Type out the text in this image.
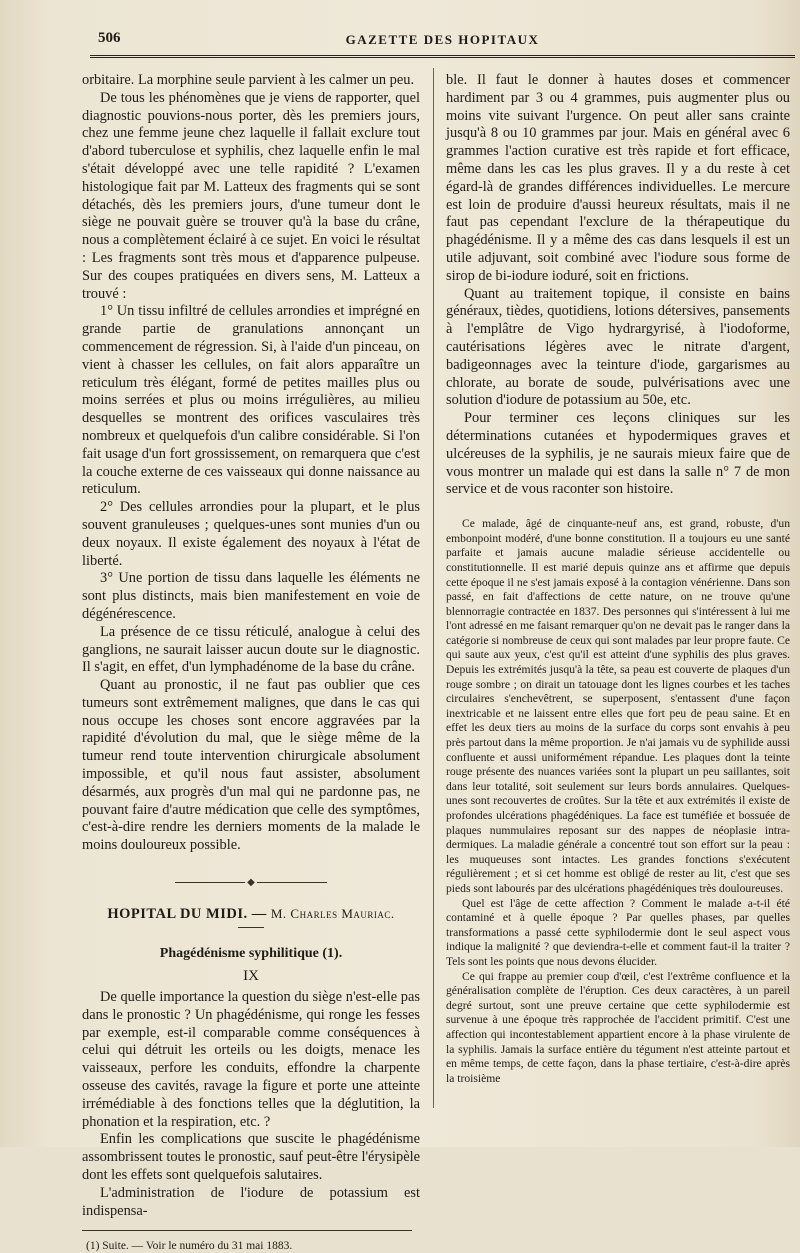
506	GAZETTE DES HOPITAUX

orbitaire. La morphine seule parvient à les calmer un peu.

De tous les phénomènes que je viens de rapporter, quel diagnostic pouvions-nous porter, dès les premiers jours, chez une femme jeune chez laquelle il fallait exclure tout d'abord tuberculose et syphilis, chez laquelle enfin le mal s'était développé avec une telle rapidité ? L'examen histologique fait par M. Latteux des fragments qui se sont détachés, dès les premiers jours, d'une tumeur dont le siège ne pouvait guère se trouver qu'à la base du crâne, nous a complètement éclairé à ce sujet. En voici le résultat : Les fragments sont très mous et d'apparence pulpeuse. Sur des coupes pratiquées en divers sens, M. Latteux a trouvé :

1° Un tissu infiltré de cellules arrondies et imprégné en grande partie de granulations annonçant un commencement de régression. Si, à l'aide d'un pinceau, on vient à chasser les cellules, on fait alors apparaître un reticulum très élégant, formé de petites mailles plus ou moins serrées et plus ou moins irrégulières, au milieu desquelles se montrent des orifices vasculaires très nombreux et quelquefois d'un calibre considérable. Si l'on fait usage d'un fort grossissement, on remarquera que c'est la couche externe de ces vaisseaux qui donne naissance au reticulum.

2° Des cellules arrondies pour la plupart, et le plus souvent granuleuses ; quelques-unes sont munies d'un ou deux noyaux. Il existe également des noyaux à l'état de liberté.

3° Une portion de tissu dans laquelle les éléments ne sont plus distincts, mais bien manifestement en voie de dégénérescence.

La présence de ce tissu réticulé, analogue à celui des ganglions, ne saurait laisser aucun doute sur le diagnostic. Il s'agit, en effet, d'un lymphadénome de la base du crâne.

Quant au pronostic, il ne faut pas oublier que ces tumeurs sont extrêmement malignes, que dans le cas qui nous occupe les choses sont encore aggravées par la rapidité d'évolution du mal, que le siège même de la tumeur rend toute intervention chirurgicale absolument impossible, et qu'il nous faut assister, absolument désarmés, aux progrès d'un mal qui ne pardonne pas, ne pouvant faire d'autre médication que celle des symptômes, c'est-à-dire rendre les derniers moments de la malade le moins douloureux possible.

◆
HOPITAL DU MIDI. — M. Charles Mauriac.
Phagédénisme syphilitique (1).
IX

De quelle importance la question du siège n'est-elle pas dans le pronostic ? Un phagédénisme, qui ronge les fesses par exemple, est-il comparable comme conséquences à celui qui détruit les orteils ou les doigts, menace les vaisseaux, perfore les conduits, effondre la charpente osseuse des cavités, ravage la figure et porte une atteinte irrémédiable à des fonctions telles que la déglutition, la phonation et la respiration, etc. ?

Enfin les complications que suscite le phagédénisme assombrissent toutes le pronostic, sauf peut-être l'érysipèle dont les effets sont quelquefois salutaires.

L'administration de l'iodure de potassium est indispensa-

(1) Suite. — Voir le numéro du 31 mai 1883.

ble. Il faut le donner à hautes doses et commencer hardiment par 3 ou 4 grammes, puis augmenter plus ou moins vite suivant l'urgence. On peut aller sans crainte jusqu'à 8 ou 10 grammes par jour. Mais en général avec 6 grammes l'action curative est très rapide et fort efficace, même dans les cas les plus graves. Il y a du reste à cet égard-là de grandes différences individuelles. Le mercure est loin de produire d'aussi heureux résultats, mais il ne faut pas cependant l'exclure de la thérapeutique du phagédénisme. Il y a même des cas dans lesquels il est un utile adjuvant, soit combiné avec l'iodure sous forme de sirop de bi-iodure ioduré, soit en frictions.

Quant au traitement topique, il consiste en bains généraux, tièdes, quotidiens, lotions détersives, pansements à l'emplâtre de Vigo hydrargyrisé, à l'iodoforme, cautérisations légères avec le nitrate d'argent, badigeonnages avec la teinture d'iode, gargarismes au chlorate, au borate de soude, pulvérisations avec une solution d'iodure de potassium au 50e, etc.

Pour terminer ces leçons cliniques sur les déterminations cutanées et hypodermiques graves et ulcéreuses de la syphilis, je ne saurais mieux faire que de vous montrer un malade qui est dans la salle n° 7 de mon service et de vous raconter son histoire.

Ce malade, âgé de cinquante-neuf ans, est grand, robuste, d'un embonpoint modéré, d'une bonne constitution. Il a toujours eu une santé parfaite et jamais aucune maladie sérieuse accidentelle ou constitutionnelle. Il est marié depuis quinze ans et affirme que depuis cette époque il ne s'est jamais exposé à la contagion vénérienne. Dans son passé, en fait d'affections de cette nature, on ne trouve qu'une blennorragie contractée en 1837. Des personnes qui s'intéressent à lui me l'ont adressé en me faisant remarquer qu'on ne devait pas le ranger dans la catégorie si nombreuse de ceux qui sont malades par leur propre faute. Ce qui saute aux yeux, c'est qu'il est atteint d'une syphilis des plus graves. Depuis les extrémités jusqu'à la tête, sa peau est couverte de plaques d'un rouge sombre ; on dirait un tatouage dont les lignes courbes et les taches circulaires s'enchevêtrent, se superposent, s'entassent d'une façon inextricable et ne laissent entre elles que fort peu de peau saine. Et en effet les deux tiers au moins de la surface du corps sont envahis à peu près partout dans la même proportion. Je n'ai jamais vu de syphilide aussi confluente et aussi uniformément répandue. Les plaques dont la teinte rouge présente des nuances variées sont la plupart un peu saillantes, soit dans leur totalité, soit seulement sur leurs bords annulaires. Quelques-unes sont recouvertes de croûtes. Sur la tête et aux extrémités il existe de profondes ulcérations phagédéniques. La face est tuméfiée et bossuée de plaques nummulaires reposant sur des nappes de néoplasie intra-dermiques. La maladie générale a concentré tout son effort sur la peau : les muqueuses sont intactes. Les grandes fonctions s'exécutent régulièrement ; et si cet homme est obligé de rester au lit, c'est que ses pieds sont labourés par des ulcérations phagédéniques très douloureuses.

Quel est l'âge de cette affection ? Comment le malade a-t-il été contaminé et à quelle époque ? Par quelles phases, par quelles transformations a passé cette syphilodermie dont le seul aspect vous indique la malignité ? que deviendra-t-elle et comment faut-il la traiter ? Tels sont les points que nous devons élucider.

Ce qui frappe au premier coup d'œil, c'est l'extrême confluence et la généralisation complète de l'éruption. Ces deux caractères, à un pareil degré surtout, sont une preuve certaine que cette syphilodermie est survenue à une époque très rapprochée de l'accident primitif. C'est une affection qui incontestablement appartient encore à la phase virulente de la syphilis. Jamais la surface entière du tégument n'est atteinte partout et en même temps, de cette façon, dans la phase tertiaire, c'est-à-dire après la troisième
